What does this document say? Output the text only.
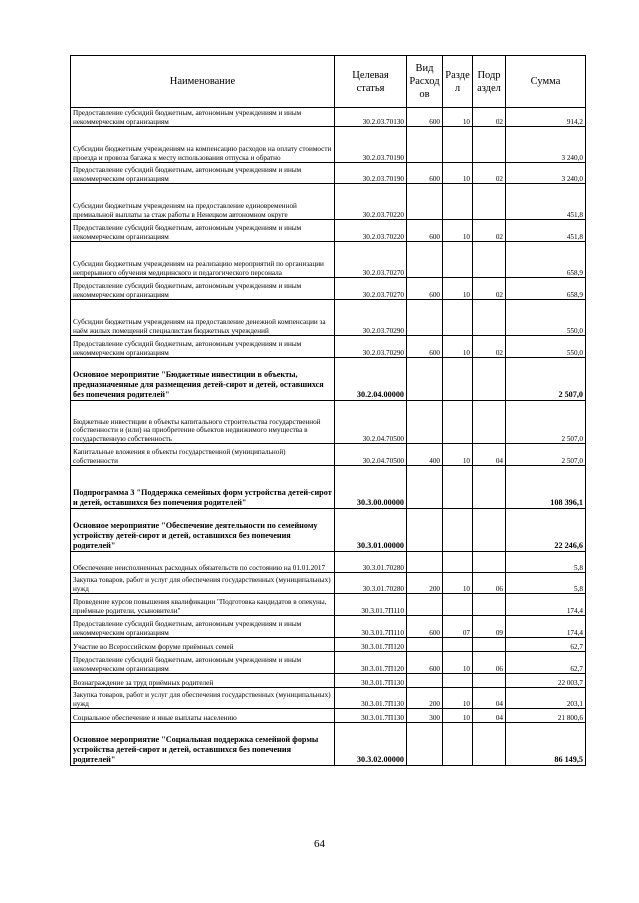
Наименование	Целевая статья	Вид Расход ов	Разде л	Подр аздел	Сумма
Предоставление субсидий бюджетным, автономным учреждениям и иным некоммерческим организациям	30.2.03.70130	600	10	02	914,2
Субсидии бюджетным учреждениям на компенсацию расходов на оплату стоимости проезда и провоза багажа к месту использования отпуска и обратно	30.2.03.70190				3 240,0
Предоставление субсидий бюджетным, автономным учреждениям и иным некоммерческим организациям	30.2.03.70190	600	10	02	3 240,0
Субсидии бюджетным учреждениям на предоставление единовременной премиальной выплаты за стаж работы в Ненецком автономном округе	30.2.03.70220				451,8
Предоставление субсидий бюджетным, автономным учреждениям и иным некоммерческим организациям	30.2.03.70220	600	10	02	451,8
Субсидии бюджетным учреждениям на реализацию мероприятий по организации непрерывного обучения медицинского и педагогического персонала	30.2.03.70270				658,9
Предоставление субсидий бюджетным, автономным учреждениям и иным некоммерческим организациям	30.2.03.70270	600	10	02	658,9
Субсидии бюджетным учреждениям на предоставление денежной компенсации за наём жилых помещений специалистам бюджетных учреждений	30.2.03.70290				550,0
Предоставление субсидий бюджетным, автономным учреждениям и иным некоммерческим организациям	30.2.03.70290	600	10	02	550,0
Основное мероприятие "Бюджетные инвестиции в объекты, предназначенные для размещения детей-сирот и детей, оставшихся без попечения родителей"	30.2.04.00000				2 507,0
Бюджетные инвестиции в объекты капитального строительства государственной собственности и (или) на приобретение объектов недвижимого имущества в государственную собственность	30.2.04.70500				2 507,0
Капитальные вложения в объекты государственной (муниципальной) собственности	30.2.04.70500	400	10	04	2 507,0
Подпрограмма 3 "Поддержка семейных форм устройства детей-сирот и детей, оставшихся без попечения родителей"	30.3.00.00000				108 396,1
Основное мероприятие "Обеспечение деятельности по семейному устройству детей-сирот и детей, оставшихся без попечения родителей"	30.3.01.00000				22 246,6
Обеспечение неисполненных расходных обязательств по состоянию на 01.01.2017	30.3.01.70280				5,8
Закупка товаров, работ и услуг для обеспечения государственных (муниципальных) нужд	30.3.01.70280	200	10	06	5,8
Проведение курсов повышения квалификации "Подготовка кандидатов в опекуны, приёмные родители, усыновители"	30.3.01.7П110				174,4
Предоставление субсидий бюджетным, автономным учреждениям и иным некоммерческим организациям	30.3.01.7П110	600	07	09	174,4
Участие во Всероссийском форуме приёмных семей	30.3.01.7П120				62,7
Предоставление субсидий бюджетным, автономным учреждениям и иным некоммерческим организациям	30.3.01.7П120	600	10	06	62,7
Вознаграждение за труд приёмных родителей	30.3.01.7П130				22 003,7
Закупка товаров, работ и услуг для обеспечения государственных (муниципальных) нужд	30.3.01.7П130	200	10	04	203,1
Социальное обеспечение и иные выплаты населению	30.3.01.7П130	300	10	04	21 800,6
Основное мероприятие "Социальная поддержка семейной формы устройства детей-сирот и детей, оставшихся без попечения родителей"	30.3.02.00000				86 149,5
64
